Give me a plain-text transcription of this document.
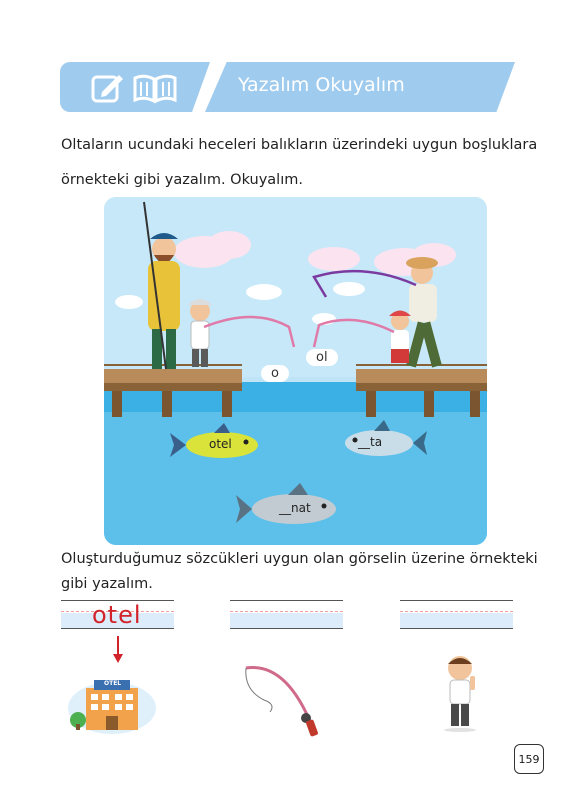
Yazalım Okuyalım
Oltaların ucundaki heceleri balıkların üzerindeki uygun boşluklara
örnekteki gibi yazalım. Okuyalım.
o
ol
otel	__ta
__nat
Oluşturduğumuz sözcükleri uygun olan görselin üzerine örnekteki
gibi yazalım.
otel
OTEL
159
